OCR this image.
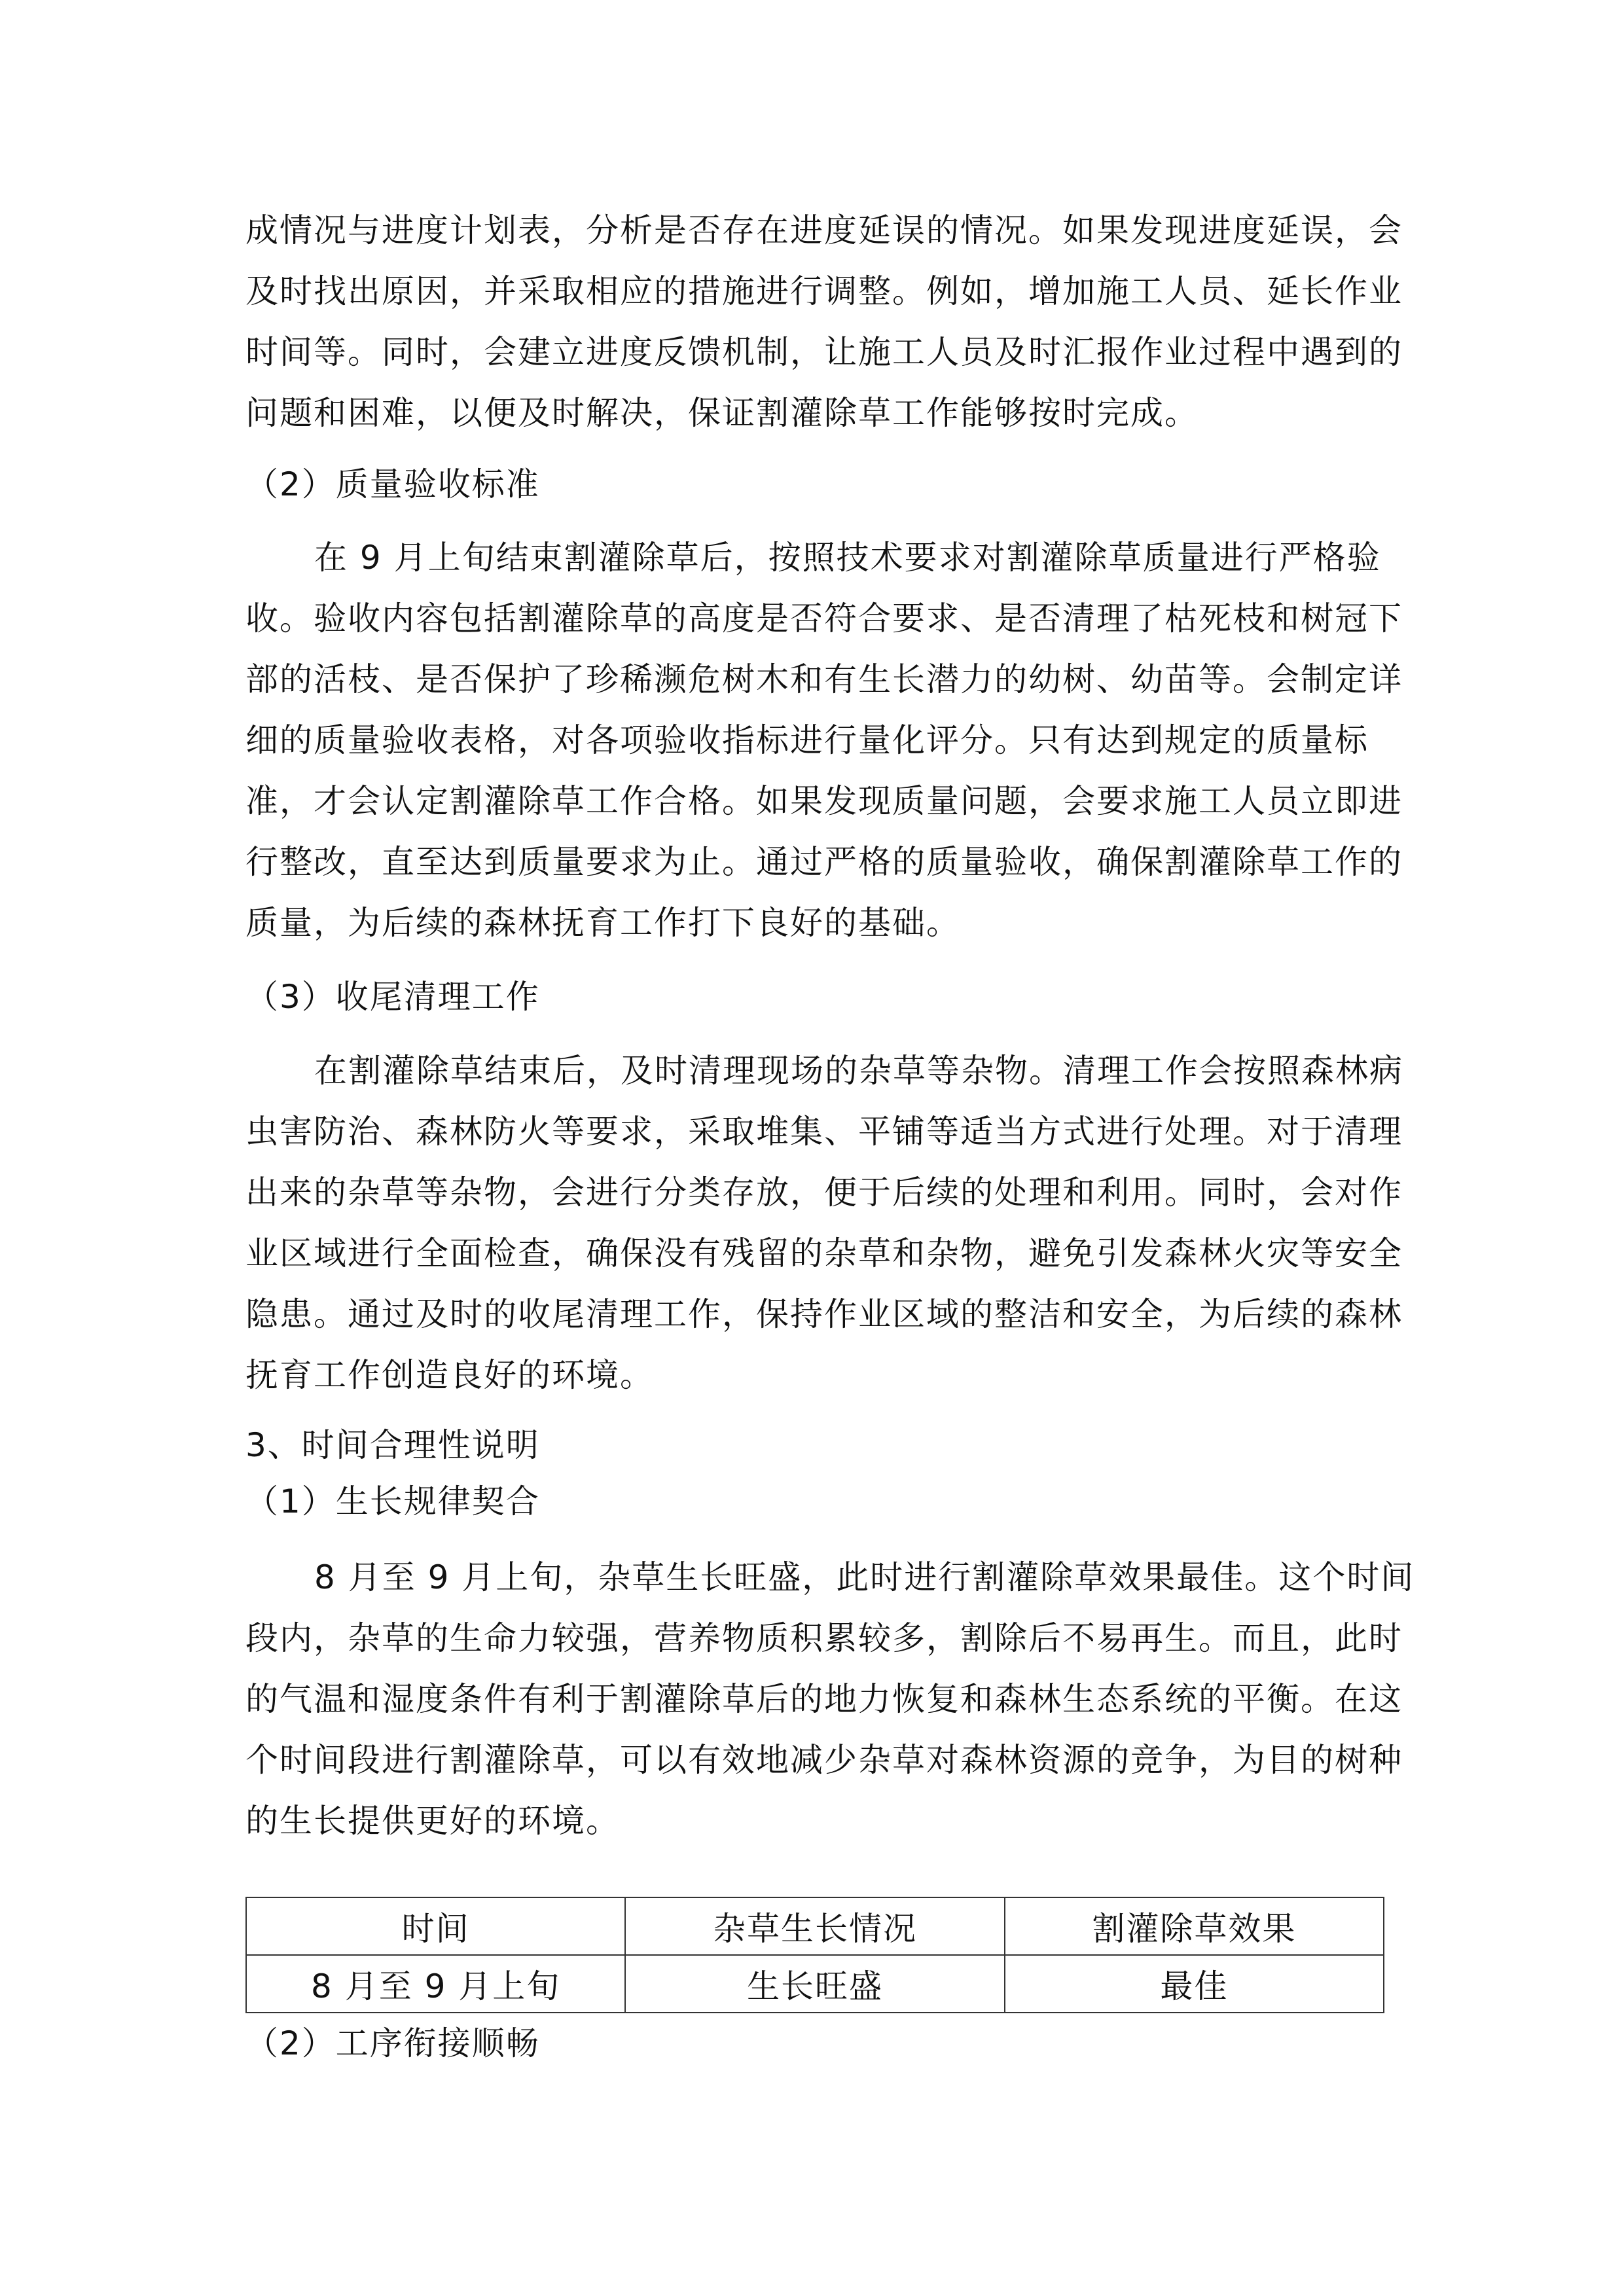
成情况与进度计划表，分析是否存在进度延误的情况。如果发现进度延误，会
及时找出原因，并采取相应的措施进行调整。例如，增加施工人员、延长作业
时间等。同时，会建立进度反馈机制，让施工人员及时汇报作业过程中遇到的
问题和困难，以便及时解决，保证割灌除草工作能够按时完成。
（2）质量验收标准
在 9 月上旬结束割灌除草后，按照技术要求对割灌除草质量进行严格验
收。验收内容包括割灌除草的高度是否符合要求、是否清理了枯死枝和树冠下
部的活枝、是否保护了珍稀濒危树木和有生长潜力的幼树、幼苗等。会制定详
细的质量验收表格，对各项验收指标进行量化评分。只有达到规定的质量标
准，才会认定割灌除草工作合格。如果发现质量问题，会要求施工人员立即进
行整改，直至达到质量要求为止。通过严格的质量验收，确保割灌除草工作的
质量，为后续的森林抚育工作打下良好的基础。
（3）收尾清理工作
在割灌除草结束后，及时清理现场的杂草等杂物。清理工作会按照森林病
虫害防治、森林防火等要求，采取堆集、平铺等适当方式进行处理。对于清理
出来的杂草等杂物，会进行分类存放，便于后续的处理和利用。同时，会对作
业区域进行全面检查，确保没有残留的杂草和杂物，避免引发森林火灾等安全
隐患。通过及时的收尾清理工作，保持作业区域的整洁和安全，为后续的森林
抚育工作创造良好的环境。
3、时间合理性说明
（1）生长规律契合
8 月至 9 月上旬，杂草生长旺盛，此时进行割灌除草效果最佳。这个时间
段内，杂草的生命力较强，营养物质积累较多，割除后不易再生。而且，此时
的气温和湿度条件有利于割灌除草后的地力恢复和森林生态系统的平衡。在这
个时间段进行割灌除草，可以有效地减少杂草对森林资源的竞争，为目的树种
的生长提供更好的环境。
时间	杂草生长情况	割灌除草效果
8 月至 9 月上旬	生长旺盛	最佳
（2）工序衔接顺畅
